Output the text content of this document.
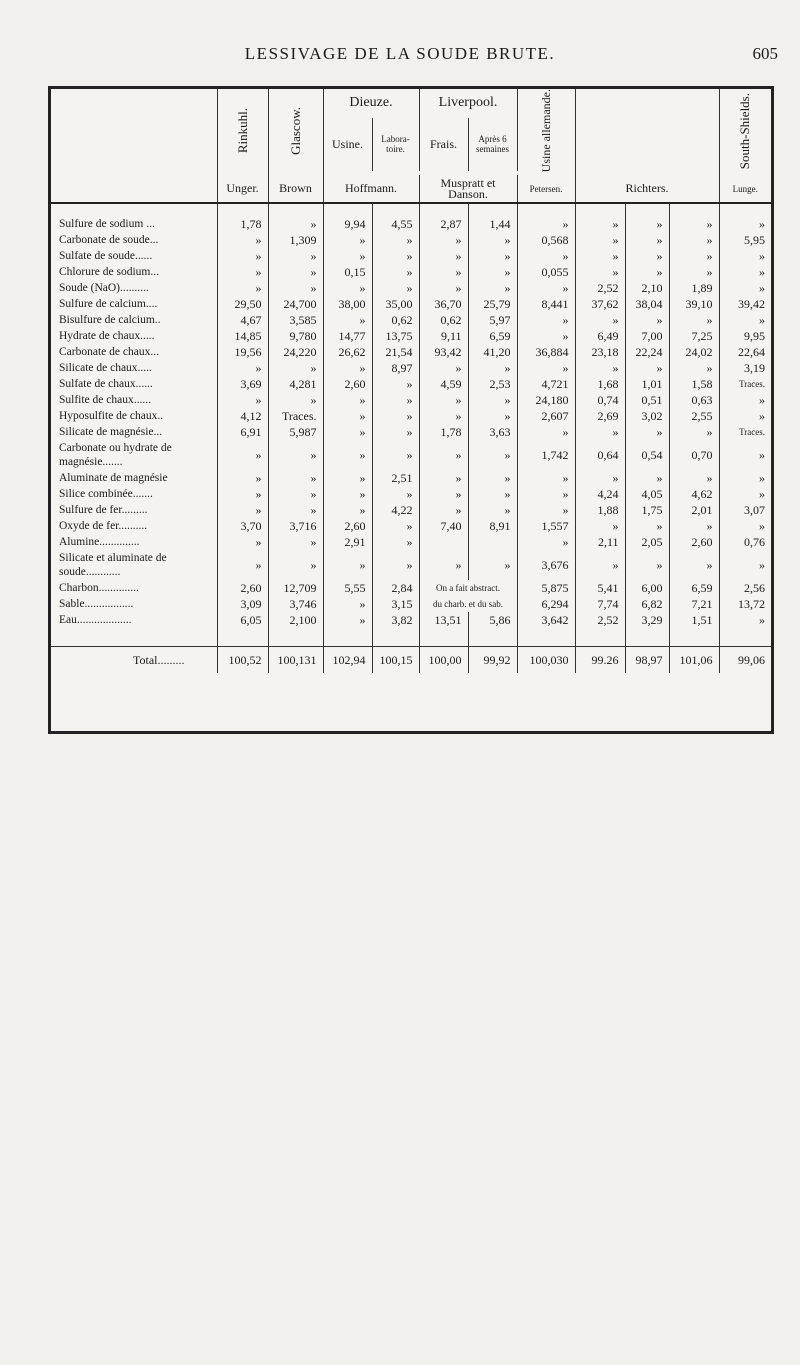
LESSIVAGE DE LA SOUDE BRUTE.	605
	Rinkuhl.	Glascow.	Dieuze.		Liverpool.		Usine allemande.				South-Shields.
			Usine.	Labora-toire.	Frais.	Après 6 semaines					

	Unger.	Brown	Hoffmann.		Muspratt et Danson.		Petersen.	Richters.			Lunge.

Sulfure de sodium ...	1,78	»	9,94	4,55	2,87	1,44	»	»	»	»	»
Carbonate de soude...	»	1,309	»	»	»	»	0,568	»	»	»	5,95
Sulfate de soude......	»	»	»	»	»	»	»	»	»	»	»
Chlorure de sodium...	»	»	0,15	»	»	»	0,055	»	»	»	»
Soude (NaO)..........	»	»	»	»	»	»	»	2,52	2,10	1,89	»
Sulfure de calcium....	29,50	24,700	38,00	35,00	36,70	25,79	8,441	37,62	38,04	39,10	39,42
Bisulfure de calcium..	4,67	3,585	»	0,62	0,62	5,97	»	»	»	»	»
Hydrate de chaux.....	14,85	9,780	14,77	13,75	9,11	6,59	»	6,49	7,00	7,25	9,95
Carbonate de chaux...	19,56	24,220	26,62	21,54	93,42	41,20	36,884	23,18	22,24	24,02	22,64
Silicate de chaux.....	»	»	»	8,97	»	»	»	»	»	»	3,19
Sulfate de chaux......	3,69	4,281	2,60	»	4,59	2,53	4,721	1,68	1,01	1,58	Traces.
Sulfite de chaux......	»	»	»	»	»	»	24,180	0,74	0,51	0,63	»
Hyposulfite de chaux..	4,12	Traces.	»	»	»	»	2,607	2,69	3,02	2,55	»
Silicate de magnésie...	6,91	5,987	»	»	1,78	3,63	»	»	»	»	Traces.
Carbonate ou hydrate de magnésie.......	»	»	»	»	»	»	1,742	0,64	0,54	0,70	»
Aluminate de magnésie	»	»	»	2,51	»	»	»	»	»	»	»
Silice combinée.......	»	»	»	»	»	»	»	4,24	4,05	4,62	»
Sulfure de fer.........	»	»	»	4,22	»	»	»	1,88	1,75	2,01	3,07
Oxyde de fer..........	3,70	3,716	2,60	»	7,40	8,91	1,557	»	»	»	»
Alumine..............	»	»	2,91	»			»	2,11	2,05	2,60	0,76
Silicate et aluminate de soude............	»	»	»	»	»	»	3,676	»	»	»	»
Charbon..............	2,60	12,709	5,55	2,84	On a fait abstract.		5,875	5,41	6,00	6,59	2,56
Sable.................	3,09	3,746	»	3,15	du charb. et du sab.		6,294	7,74	6,82	7,21	13,72
Eau...................	6,05	2,100	»	3,82	13,51	5,86	3,642	2,52	3,29	1,51	»

Total.........	100,52	100,131	102,94	100,15	100,00	99,92	100,030	99.26	98,97	101,06	99,06
